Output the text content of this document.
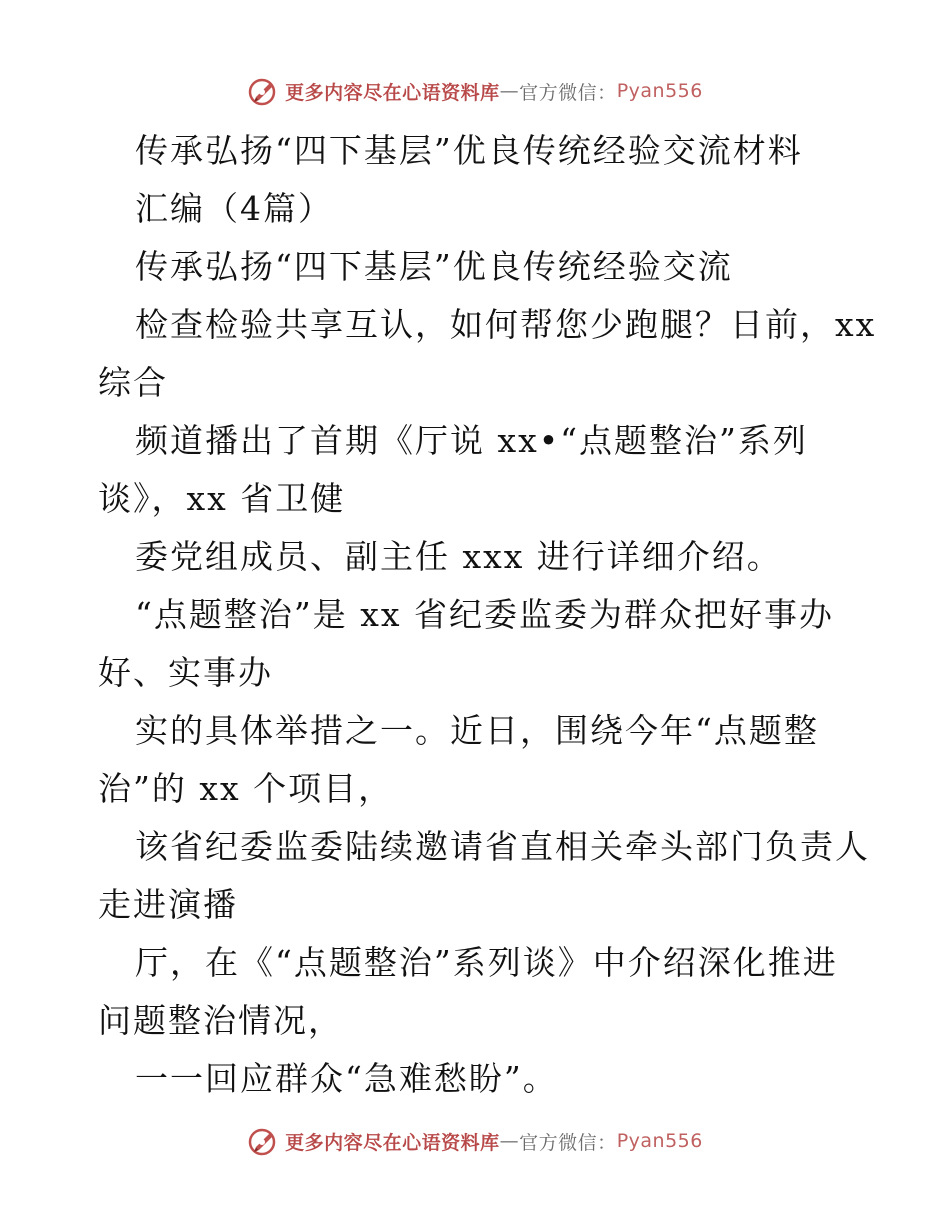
更多内容尽在心语资料库 — 官方微信： Pyan556
传承弘扬“四下基层”优良传统经验交流材料
汇编（4篇）
传承弘扬“四下基层”优良传统经验交流
检查检验共享互认，如何帮您少跑腿？日前，xx
综合
频道播出了首期《厅说 xx•“点题整治”系列
谈》，xx 省卫健
委党组成员、副主任 xxx 进行详细介绍。
“点题整治”是 xx 省纪委监委为群众把好事办
好、实事办
实的具体举措之一。近日，围绕今年“点题整
治”的 xx 个项目，
该省纪委监委陆续邀请省直相关牵头部门负责人
走进演播
厅，在《“点题整治”系列谈》中介绍深化推进
问题整治情况，
一一回应群众“急难愁盼”。
更多内容尽在心语资料库 — 官方微信： Pyan556
